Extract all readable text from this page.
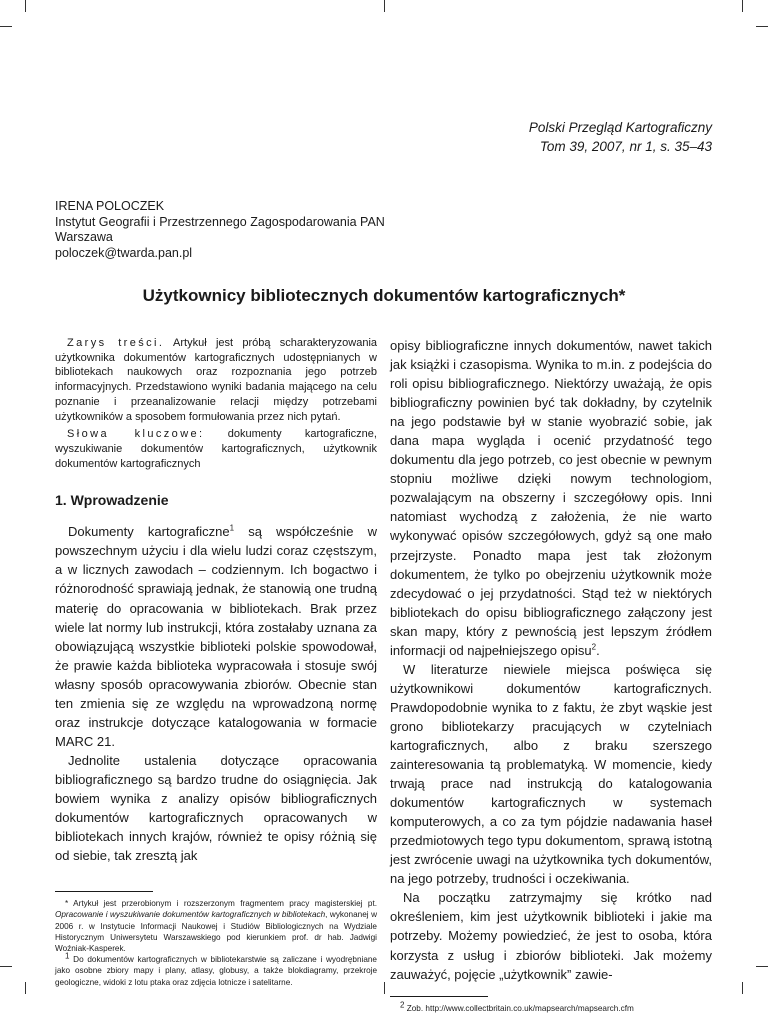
Polski Przegląd Kartograficzny
Tom 39, 2007, nr 1, s. 35–43
IRENA POLOCZEK
Instytut Geografii i Przestrzennego Zagospodarowania PAN
Warszawa
poloczek@twarda.pan.pl
Użytkownicy bibliotecznych dokumentów kartograficznych*

Zarys treści. Artykuł jest próbą scharakteryzowania użytkownika dokumentów kartograficznych udostępnianych w bibliotekach naukowych oraz rozpoznania jego potrzeb informacyjnych. Przedstawiono wyniki badania mającego na celu poznanie i przeanalizowanie relacji między potrzebami użytkowników a sposobem formułowania przez nich pytań.

Słowa kluczowe: dokumenty kartograficzne, wyszukiwanie dokumentów kartograficznych, użytkownik dokumentów kartograficznych

1. Wprowadzenie

Dokumenty kartograficzne$^1$ są współcześnie w powszechnym użyciu i dla wielu ludzi coraz częstszym, a w licznych zawodach – codziennym. Ich bogactwo i różnorodność sprawiają jednak, że stanowią one trudną materię do opracowania w bibliotekach. Brak przez wiele lat normy lub instrukcji, która zostałaby uznana za obowiązującą wszystkie biblioteki polskie spowodował, że prawie każda biblioteka wypracowała i stosuje swój własny sposób opracowywania zbiorów. Obecnie stan ten zmienia się ze względu na wprowadzoną normę oraz instrukcje dotyczące katalogowania w formacie MARC 21.

Jednolite ustalenia dotyczące opracowania bibliograficznego są bardzo trudne do osiągnięcia. Jak bowiem wynika z analizy opisów bibliograficznych dokumentów kartograficznych opracowanych w bibliotekach innych krajów, również te opisy różnią się od siebie, tak zresztą jak

* Artykuł jest przerobionym i rozszerzonym fragmentem pracy magisterskiej pt. Opracowanie i wyszukiwanie dokumentów kartograficznych w bibliotekach, wykonanej w 2006 r. w Instytucie Informacji Naukowej i Studiów Bibliologicznych na Wydziale Historycznym Uniwersytetu Warszawskiego pod kierunkiem prof. dr hab. Jadwigi Woźniak-Kasperek.

$^1$ Do dokumentów kartograficznych w bibliotekarstwie są zaliczane i wyodrębniane jako osobne zbiory mapy i plany, atlasy, globusy, a także blokdiagramy, przekroje geologiczne, widoki z lotu ptaka oraz zdjęcia lotnicze i satelitarne.

opisy bibliograficzne innych dokumentów, nawet takich jak książki i czasopisma. Wynika to m.in. z podejścia do roli opisu bibliograficznego. Niektórzy uważają, że opis bibliograficzny powinien być tak dokładny, by czytelnik na jego podstawie był w stanie wyobrazić sobie, jak dana mapa wygląda i ocenić przydatność tego dokumentu dla jego potrzeb, co jest obecnie w pewnym stopniu możliwe dzięki nowym technologiom, pozwalającym na obszerny i szczegółowy opis. Inni natomiast wychodzą z założenia, że nie warto wykonywać opisów szczegółowych, gdyż są one mało przejrzyste. Ponadto mapa jest tak złożonym dokumentem, że tylko po obejrzeniu użytkownik może zdecydować o jej przydatności. Stąd też w niektórych bibliotekach do opisu bibliograficznego załączony jest skan mapy, który z pewnością jest lepszym źródłem informacji od najpełniejszego opisu$^2$.

W literaturze niewiele miejsca poświęca się użytkownikowi dokumentów kartograficznych. Prawdopodobnie wynika to z faktu, że zbyt wąskie jest grono bibliotekarzy pracujących w czytelniach kartograficznych, albo z braku szerszego zainteresowania tą problematyką. W momencie, kiedy trwają prace nad instrukcją do katalogowania dokumentów kartograficznych w systemach komputerowych, a co za tym pójdzie nadawania haseł przedmiotowych tego typu dokumentom, sprawą istotną jest zwrócenie uwagi na użytkownika tych dokumentów, na jego potrzeby, trudności i oczekiwania.

Na początku zatrzymajmy się krótko nad określeniem, kim jest użytkownik biblioteki i jakie ma potrzeby. Możemy powiedzieć, że jest to osoba, która korzysta z usług i zbiorów biblioteki. Jak możemy zauważyć, pojęcie „użytkownik” zawie-

$^2$ Zob. http://www.collectbritain.co.uk/mapsearch/mapsearch.cfm
